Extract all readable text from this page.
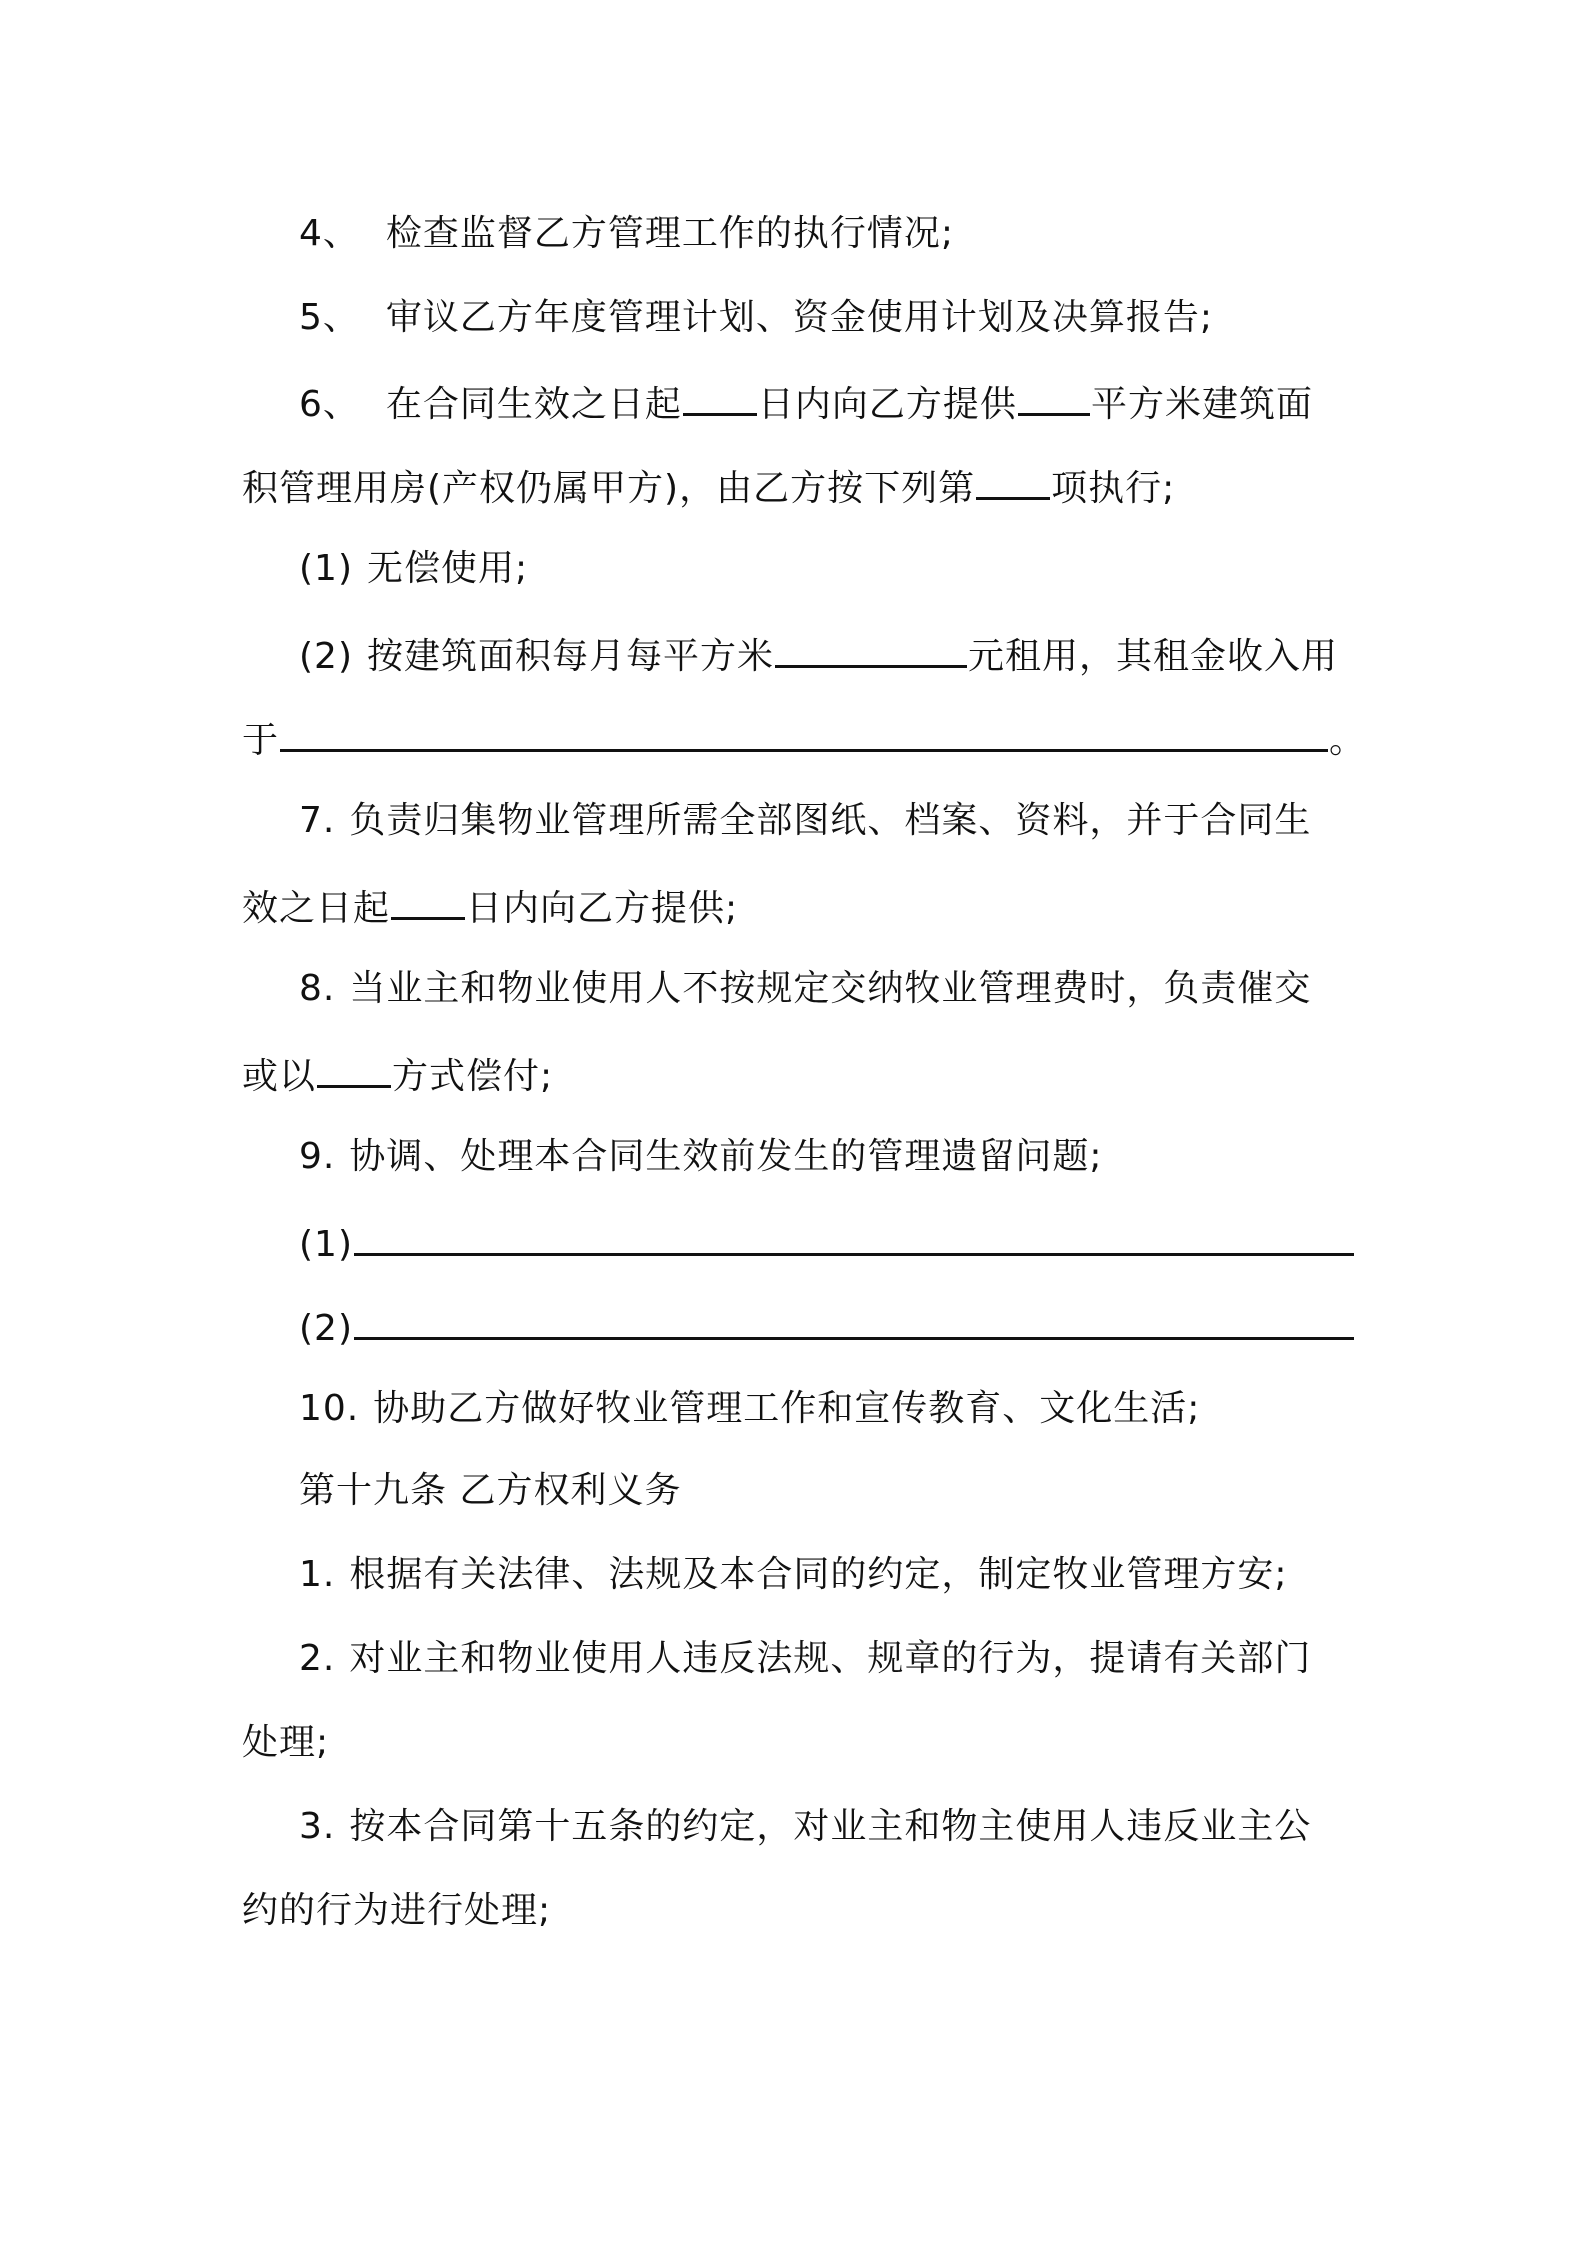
4、 检查监督乙方管理工作的执行情况;
5、 审议乙方年度管理计划、资金使用计划及决算报告;
6、 在合同生效之日起 日内向乙方提供 平方米建筑面
积管理用房(产权仍属甲方)，由乙方按下列第 项执行;
(1) 无偿使用;
(2) 按建筑面积每月每平方米	元租用，其租金收入用
于	。
7. 负责归集物业管理所需全部图纸、档案、资料，并于合同生
效之日起 日内向乙方提供;
8. 当业主和物业使用人不按规定交纳牧业管理费时，负责催交
或以 方式偿付;
9. 协调、处理本合同生效前发生的管理遗留问题;
(1)
(2)
10. 协助乙方做好牧业管理工作和宣传教育、文化生活;
第十九条 乙方权利义务
1. 根据有关法律、法规及本合同的约定，制定牧业管理方安;
2. 对业主和物业使用人违反法规、规章的行为，提请有关部门
处理;
3. 按本合同第十五条的约定，对业主和物主使用人违反业主公
约的行为进行处理;
